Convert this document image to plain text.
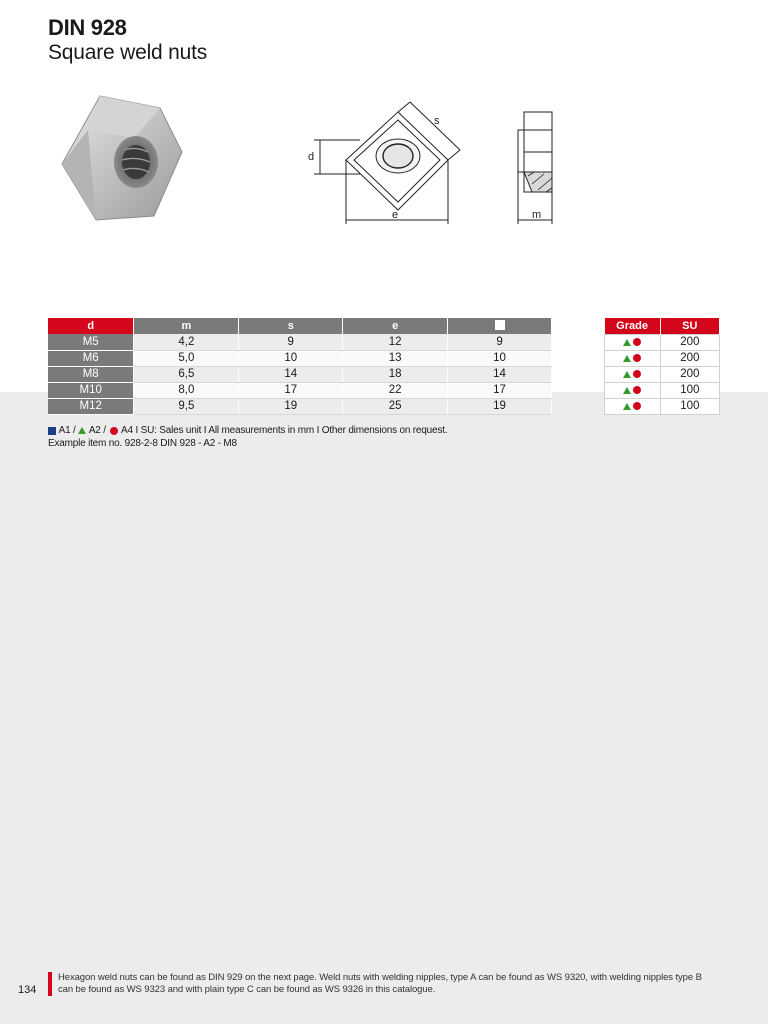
DIN 928
Square weld nuts
s
d
e	m
d	m	s	e	
M5	4,2	9	12	9
M6	5,0	10	13	10
M8	6,5	14	18	14
M10	8,0	17	22	17
M12	9,5	19	25	19
Grade	SU
	200
	200
	200
	100
	100
A1 / A2 / A4 I SU: Sales unit I All measurements in mm I Other dimensions on request.
Example item no. 928-2-8 DIN 928 - A2 - M8
134
Hexagon weld nuts can be found as DIN 929 on the next page. Weld nuts with welding nipples, type A can be found as WS 9320, with welding nipples type B can be found as WS 9323 and with plain type C can be found as WS 9326 in this catalogue.
